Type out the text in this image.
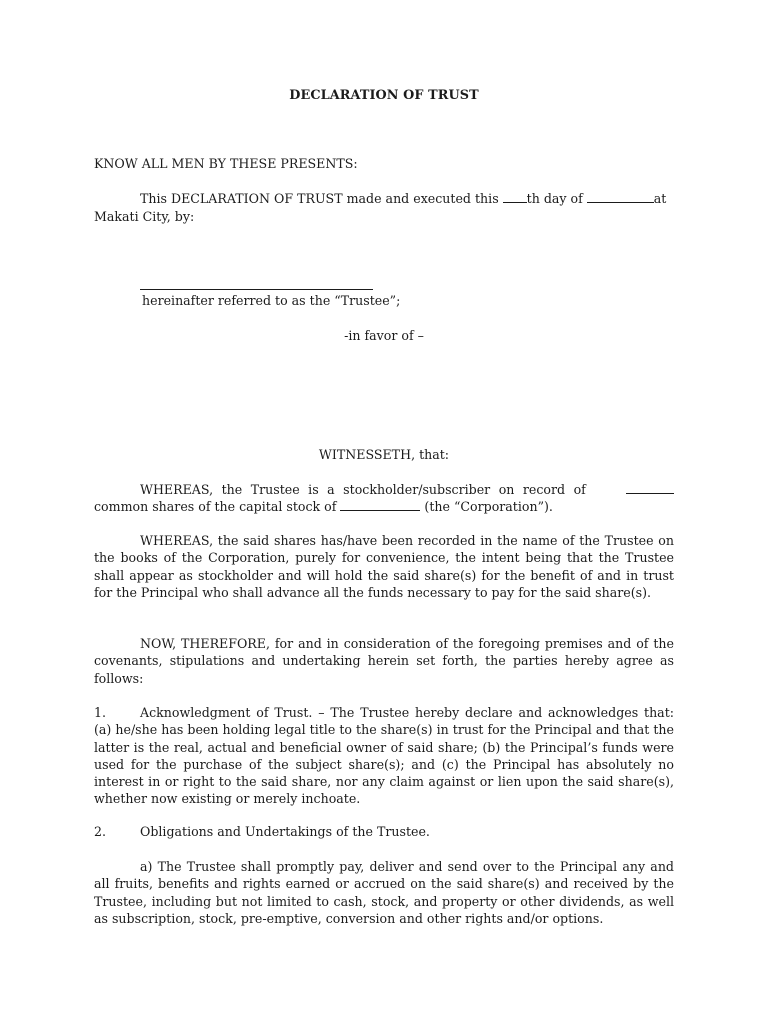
DECLARATION OF TRUST
KNOW ALL MEN BY THESE PRESENTS:
This DECLARATION OF TRUST made and executed this th day of	at
Makati City, by:
hereinafter referred to as the “Trustee”;
-in favor of –
WITNESSETH, that:
WHEREAS, the Trustee is a stockholder/subscriber on record of
common shares of the capital stock of	(the “Corporation”).

WHEREAS, the said shares has/have been recorded in the name of the Trustee on the books of the Corporation, purely for convenience, the intent being that the Trustee shall appear as stockholder and will hold the said share(s) for the benefit of and in trust for the Principal who shall advance all the funds necessary to pay for the said share(s).

NOW, THEREFORE, for and in consideration of the foregoing premises and of the covenants, stipulations and undertaking herein set forth, the parties hereby agree as follows:

1.	Acknowledgment of Trust. – The Trustee hereby declare and acknowledges that: (a) he/she has been holding legal title to the share(s) in trust for the Principal and that the latter is the real, actual and beneficial owner of said share; (b) the Principal’s funds were used for the purchase of the subject share(s); and (c) the Principal has absolutely no interest in or right to the said share, nor any claim against or lien upon the said share(s), whether now existing or merely inchoate.

2.	Obligations and Undertakings of the Trustee.

a) The Trustee shall promptly pay, deliver and send over to the Principal any and all fruits, benefits and rights earned or accrued on the said share(s) and received by the Trustee, including but not limited to cash, stock, and property or other dividends, as well as subscription, stock, pre-emptive, conversion and other rights and/or options.
